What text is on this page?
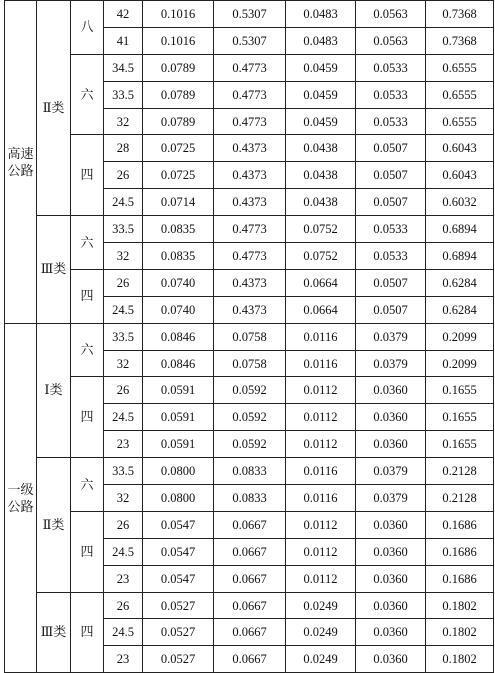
高速
公路	Ⅱ类	八	42	0.1016	0.5307	0.0483	0.0563	0.7368
			41	0.1016	0.5307	0.0483	0.0563	0.7368
		六	34.5	0.0789	0.4773	0.0459	0.0533	0.6555
			33.5	0.0789	0.4773	0.0459	0.0533	0.6555
			32	0.0789	0.4773	0.0459	0.0533	0.6555
		四	28	0.0725	0.4373	0.0438	0.0507	0.6043
			26	0.0725	0.4373	0.0438	0.0507	0.6043
			24.5	0.0714	0.4373	0.0438	0.0507	0.6032
	Ⅲ类	六	33.5	0.0835	0.4773	0.0752	0.0533	0.6894
			32	0.0835	0.4773	0.0752	0.0533	0.6894
		四	26	0.0740	0.4373	0.0664	0.0507	0.6284
			24.5	0.0740	0.4373	0.0664	0.0507	0.6284
一级
公路	Ⅰ类	六	33.5	0.0846	0.0758	0.0116	0.0379	0.2099
			32	0.0846	0.0758	0.0116	0.0379	0.2099
		四	26	0.0591	0.0592	0.0112	0.0360	0.1655
			24.5	0.0591	0.0592	0.0112	0.0360	0.1655
			23	0.0591	0.0592	0.0112	0.0360	0.1655
	Ⅱ类	六	33.5	0.0800	0.0833	0.0116	0.0379	0.2128
			32	0.0800	0.0833	0.0116	0.0379	0.2128
		四	26	0.0547	0.0667	0.0112	0.0360	0.1686
			24.5	0.0547	0.0667	0.0112	0.0360	0.1686
			23	0.0547	0.0667	0.0112	0.0360	0.1686
	Ⅲ类	四	26	0.0527	0.0667	0.0249	0.0360	0.1802
			24.5	0.0527	0.0667	0.0249	0.0360	0.1802
			23	0.0527	0.0667	0.0249	0.0360	0.1802
